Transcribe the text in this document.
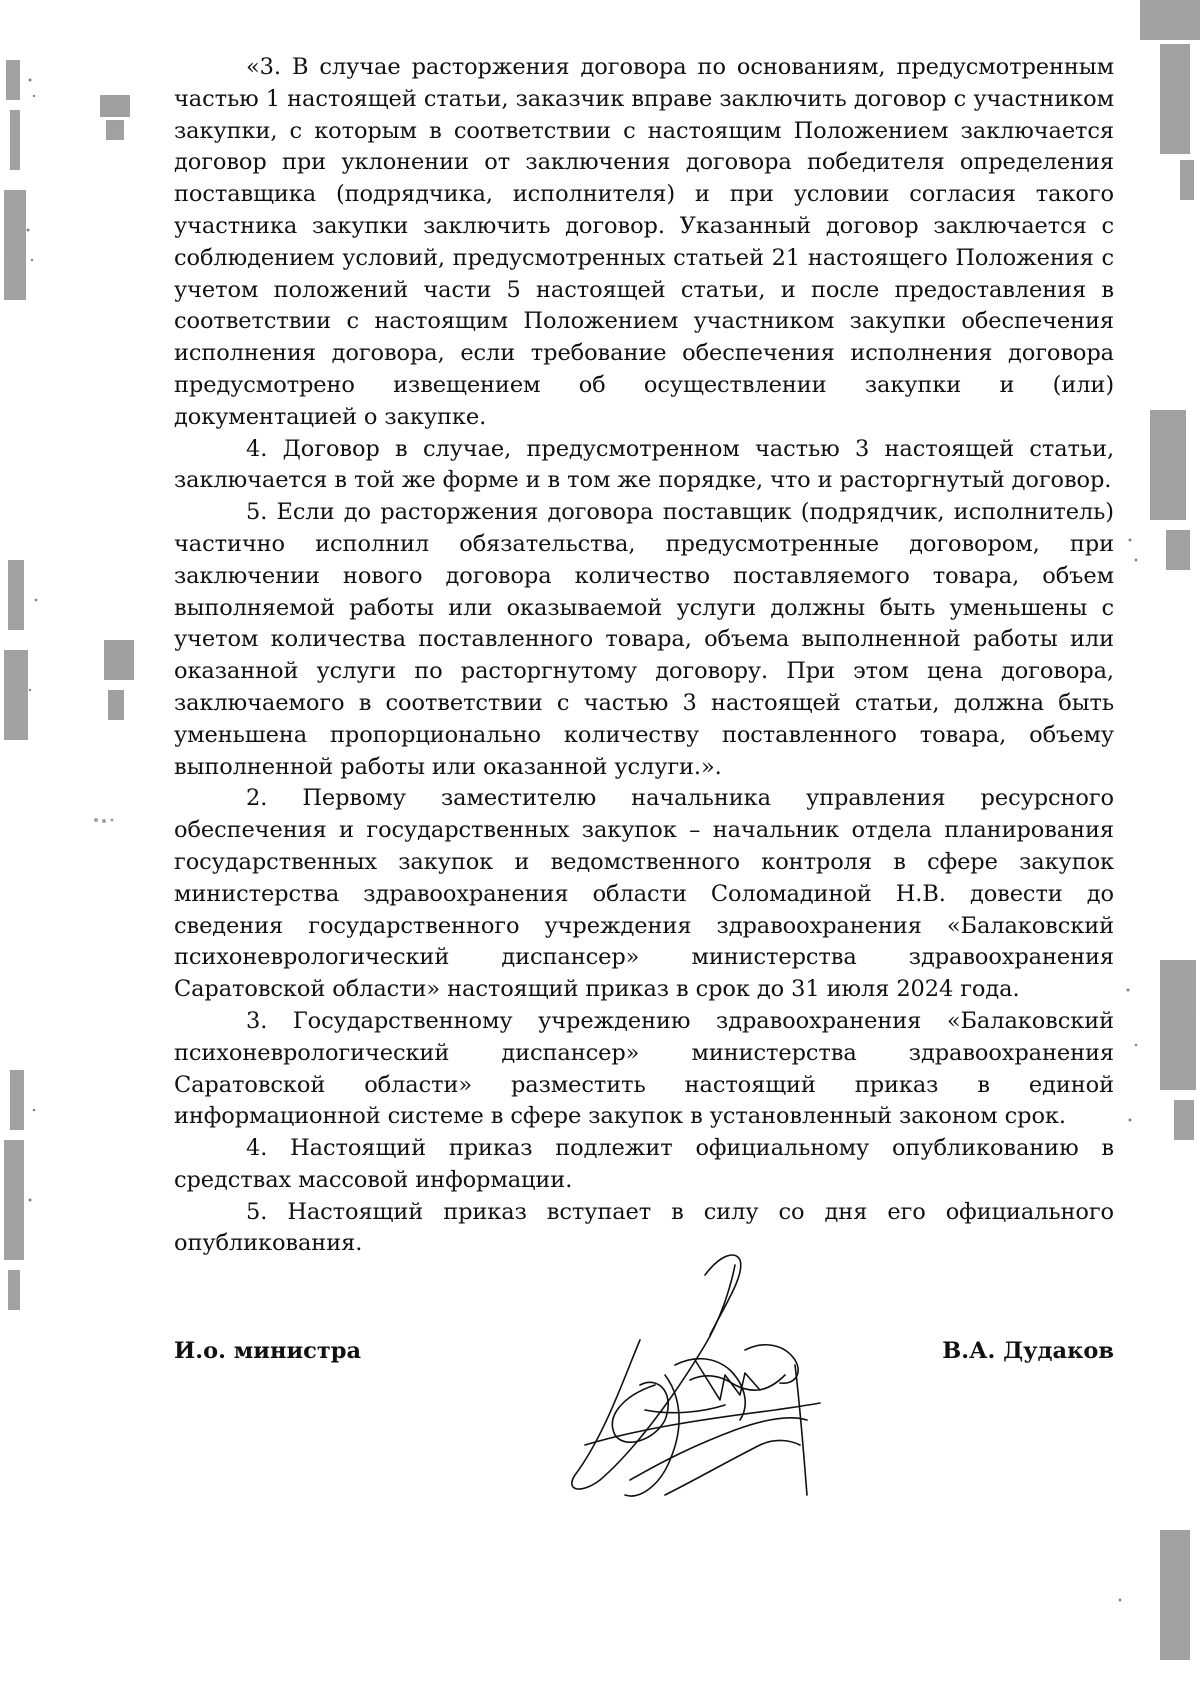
«3. В случае расторжения договора по основаниям, предусмотренным частью 1 настоящей статьи, заказчик вправе заключить договор с участником закупки, с которым в соответствии с настоящим Положением заключается договор при уклонении от заключения договора победителя определения поставщика (подрядчика, исполнителя) и при условии согласия такого участника закупки заключить договор. Указанный договор заключается с соблюдением условий, предусмотренных статьей 21 настоящего Положения с учетом положений части 5 настоящей статьи, и после предоставления в соответствии с настоящим Положением участником закупки обеспечения исполнения договора, если требование обеспечения исполнения договора предусмотрено извещением об осуществлении закупки и (или) документацией о закупке.

4. Договор в случае, предусмотренном частью 3 настоящей статьи, заключается в той же форме и в том же порядке, что и расторгнутый договор.

5. Если до расторжения договора поставщик (подрядчик, исполнитель) частично исполнил обязательства, предусмотренные договором, при заключении нового договора количество поставляемого товара, объем выполняемой работы или оказываемой услуги должны быть уменьшены с учетом количества поставленного товара, объема выполненной работы или оказанной услуги по расторгнутому договору. При этом цена договора, заключаемого в соответствии с частью 3 настоящей статьи, должна быть уменьшена пропорционально количеству поставленного товара, объему выполненной работы или оказанной услуги.».

2. Первому заместителю начальника управления ресурсного обеспечения и государственных закупок – начальник отдела планирования государственных закупок и ведомственного контроля в сфере закупок министерства здравоохранения области Соломадиной Н.В. довести до сведения государственного учреждения здравоохранения «Балаковский психоневрологический диспансер» министерства здравоохранения Саратовской области» настоящий приказ в срок до 31 июля 2024 года.

3. Государственному учреждению здравоохранения «Балаковский психоневрологический диспансер» министерства здравоохранения Саратовской области» разместить настоящий приказ в единой информационной системе в сфере закупок в установленный законом срок.

4. Настоящий приказ подлежит официальному опубликованию в средствах массовой информации.

5. Настоящий приказ вступает в силу со дня его официального опубликования.

И.о. министра	В.А. Дудаков
